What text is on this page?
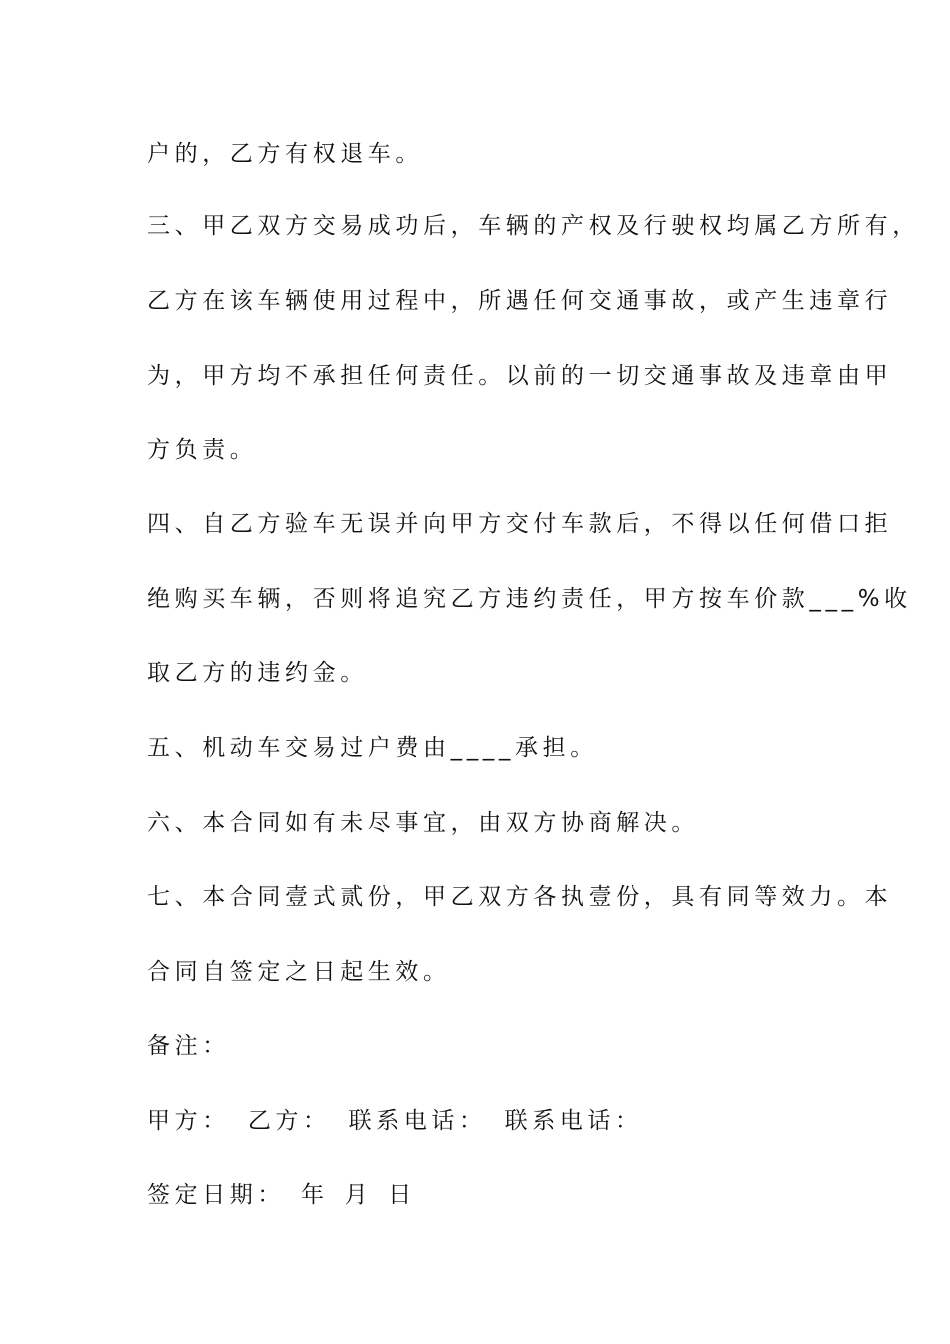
户的，乙方有权退车。
三、甲乙双方交易成功后，车辆的产权及行驶权均属乙方所有，
乙方在该车辆使用过程中，所遇任何交通事故，或产生违章行
为，甲方均不承担任何责任。以前的一切交通事故及违章由甲
方负责。
四、自乙方验车无误并向甲方交付车款后，不得以任何借口拒
绝购买车辆，否则将追究乙方违约责任，甲方按车价款___%收
取乙方的违约金。
五、机动车交易过户费由____承担。
六、本合同如有未尽事宜，由双方协商解决。
七、本合同壹式贰份，甲乙双方各执壹份，具有同等效力。本
合同自签定之日起生效。
备注：
甲方： 乙方： 联系电话： 联系电话：
签定日期： 年 月 日
